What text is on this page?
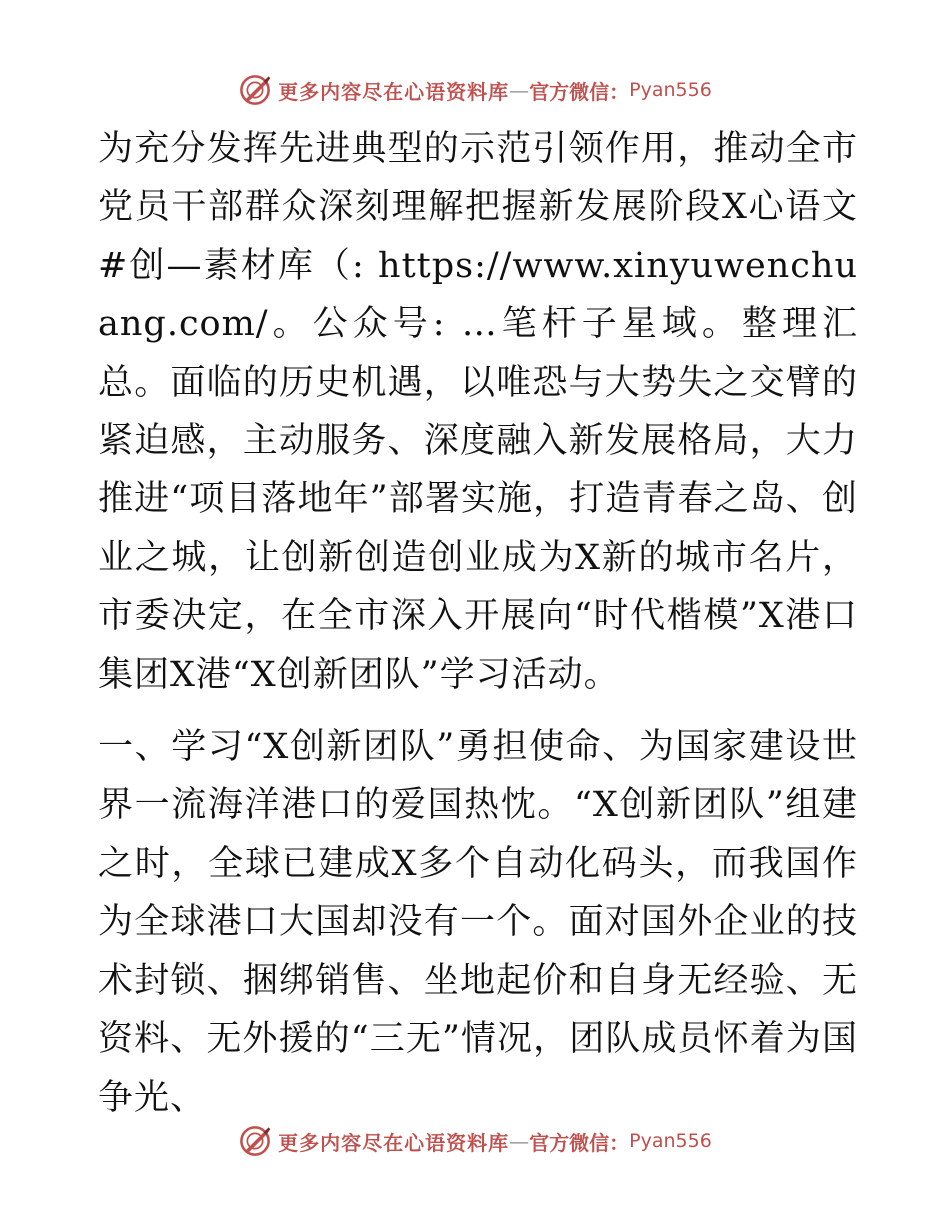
更多内容尽在心语资料库 — 官方微信： Pyan556

为充分发挥先进典型的示范引领作用，推动全市党员干部群众深刻理解把握新发展阶段X心语文#创—素材库（: https://www.xinyuwenchuang.com/。公众号: …笔杆子星域。整理汇总。面临的历史机遇，以唯恐与大势失之交臂的紧迫感，主动服务、深度融入新发展格局，大力推进“项目落地年”部署实施，打造青春之岛、创业之城，让创新创造创业成为X新的城市名片，市委决定，在全市深入开展向“时代楷模”X港口集团X港“X创新团队”学习活动。

一、学习“X创新团队”勇担使命、为国家建设世界一流海洋港口的爱国热忱。“X创新团队”组建之时，全球已建成X多个自动化码头，而我国作为全球港口大国却没有一个。面对国外企业的技术封锁、捆绑销售、坐地起价和自身无经验、无资料、无外援的“三无”情况，团队成员怀着为国争光、

更多内容尽在心语资料库 — 官方微信： Pyan556
